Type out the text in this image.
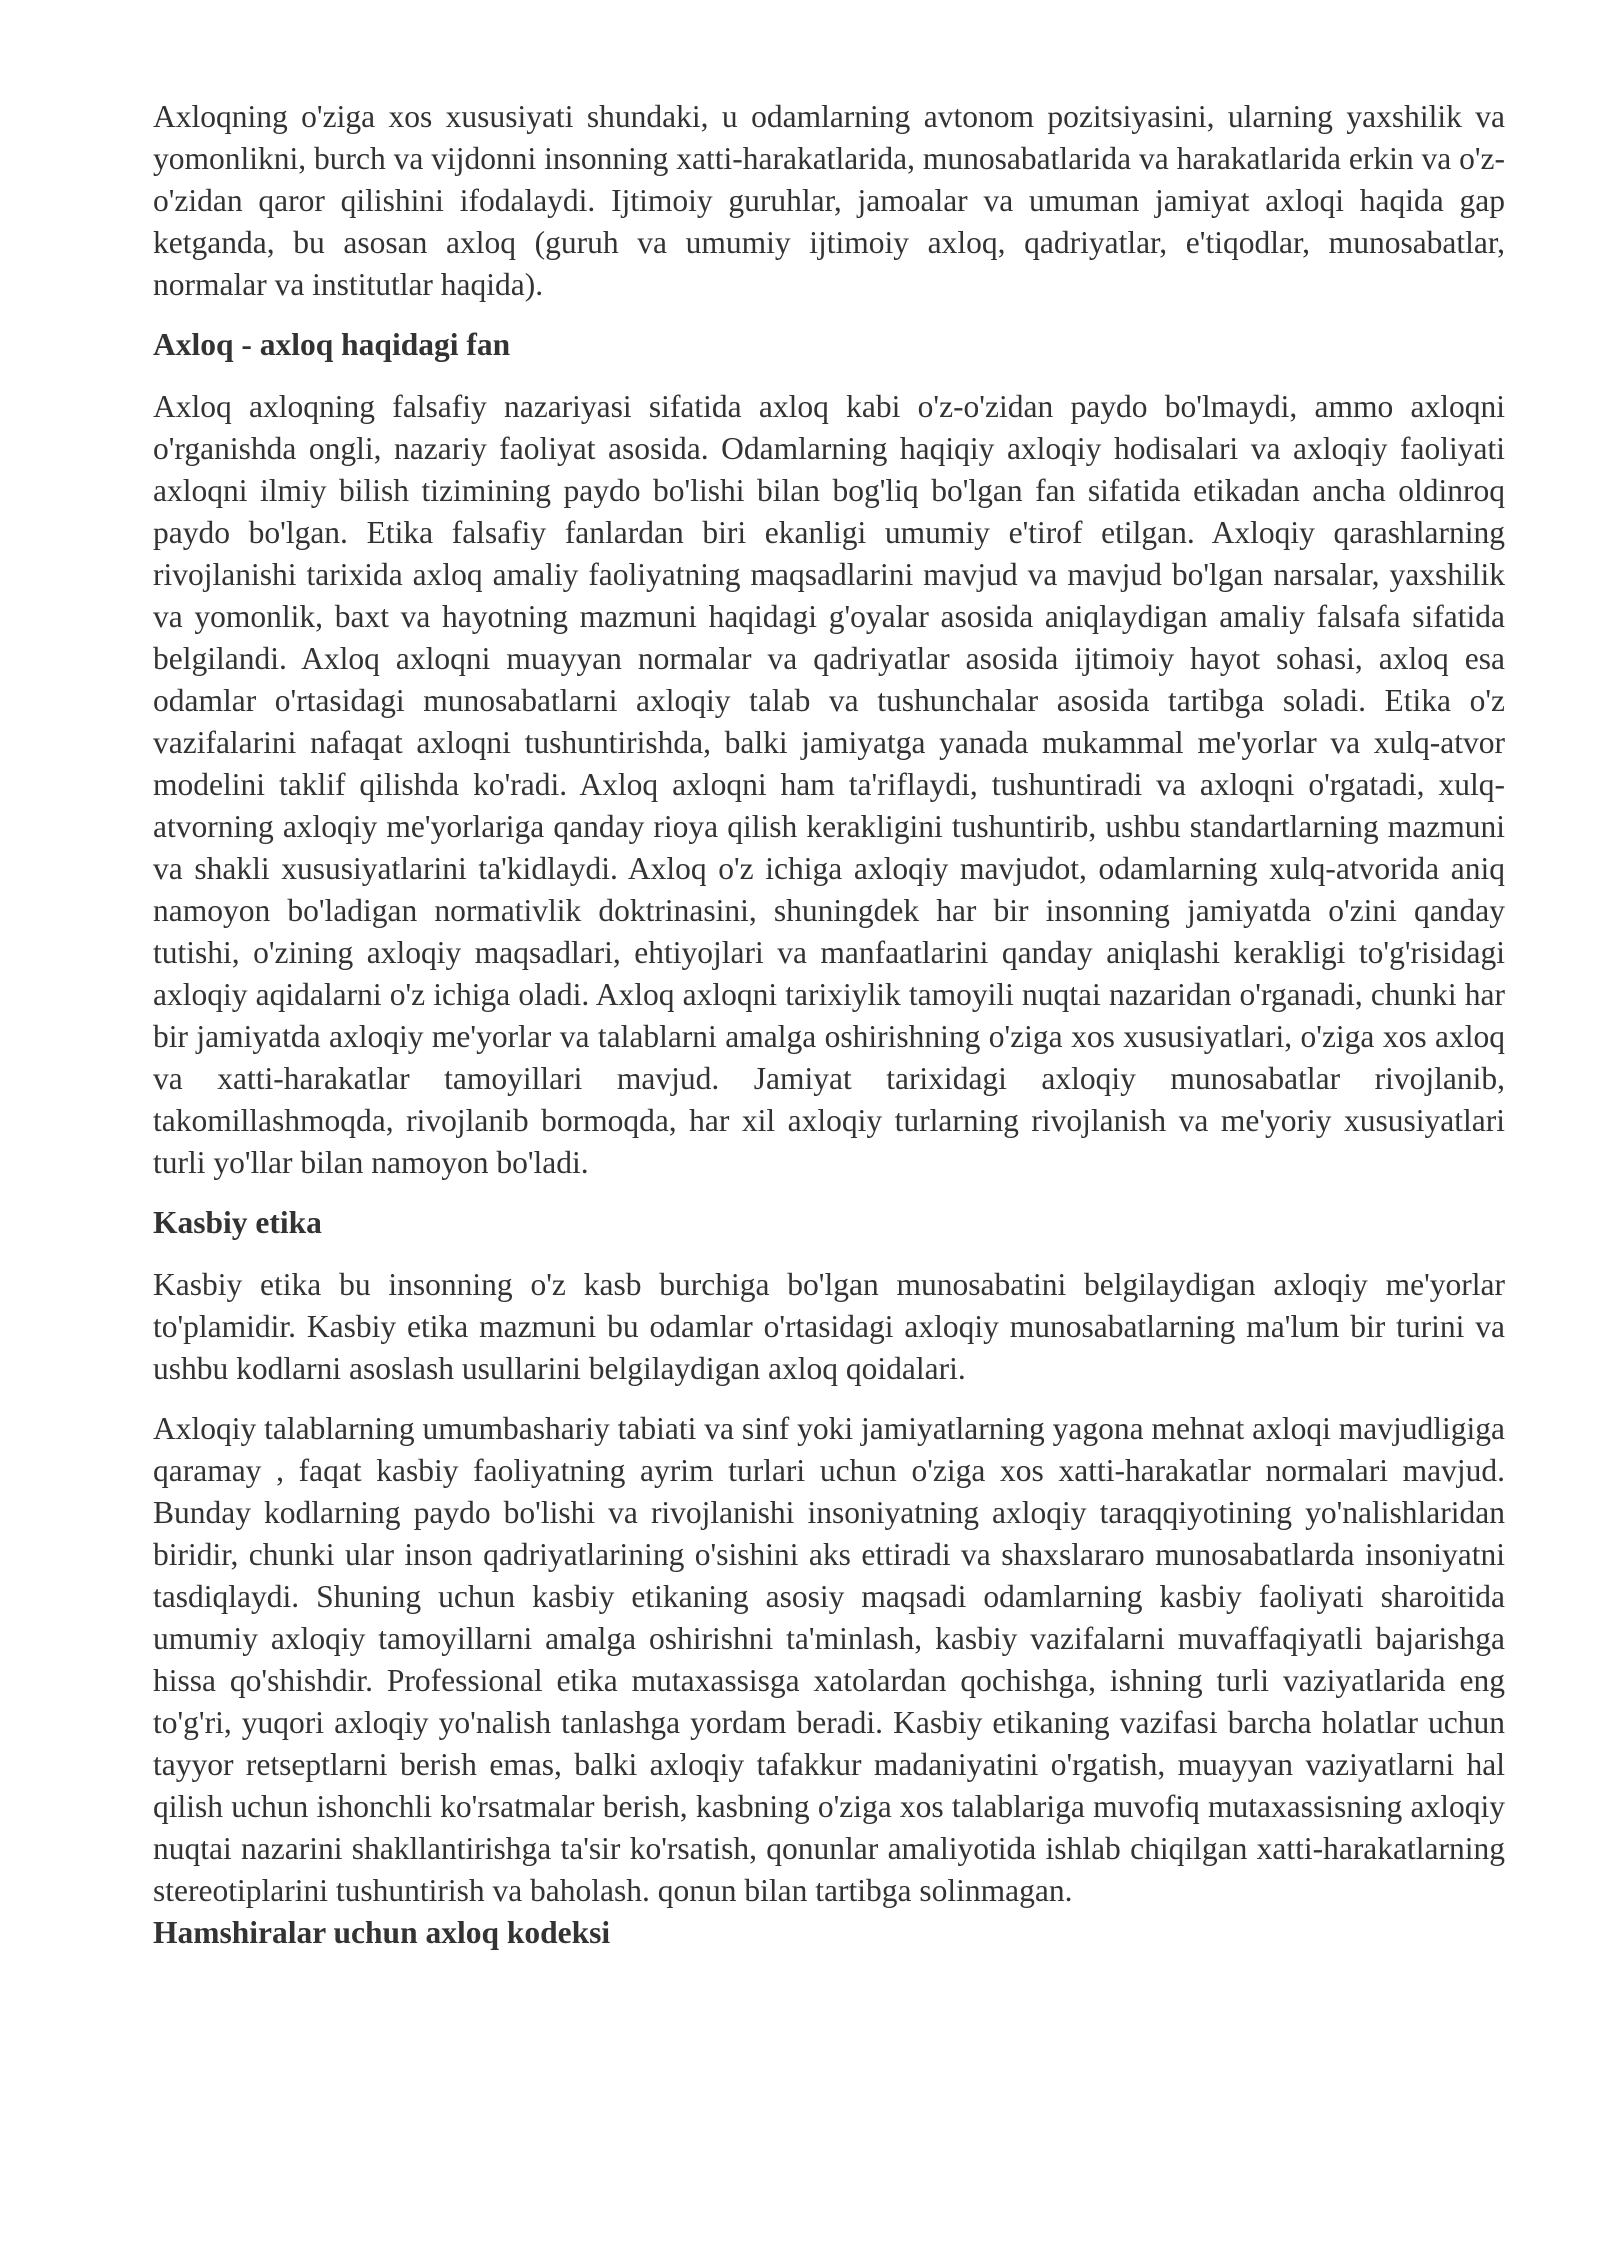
Axloqning o'ziga xos xususiyati shundaki, u odamlarning avtonom pozitsiyasini, ularning yaxshilik va yomonlikni, burch va vijdonni insonning xatti-harakatlarida, munosabatlarida va harakatlarida erkin va o'z-o'zidan qaror qilishini ifodalaydi. Ijtimoiy guruhlar, jamoalar va umuman jamiyat axloqi haqida gap ketganda, bu asosan axloq (guruh va umumiy ijtimoiy axloq, qadriyatlar, e'tiqodlar, munosabatlar, normalar va institutlar haqida).

Axloq - axloq haqidagi fan

Axloq axloqning falsafiy nazariyasi sifatida axloq kabi o'z-o'zidan paydo bo'lmaydi, ammo axloqni o'rganishda ongli, nazariy faoliyat asosida. Odamlarning haqiqiy axloqiy hodisalari va axloqiy faoliyati axloqni ilmiy bilish tizimining paydo bo'lishi bilan bog'liq bo'lgan fan sifatida etikadan ancha oldinroq paydo bo'lgan. Etika falsafiy fanlardan biri ekanligi umumiy e'tirof etilgan. Axloqiy qarashlarning rivojlanishi tarixida axloq amaliy faoliyatning maqsadlarini mavjud va mavjud bo'lgan narsalar, yaxshilik va yomonlik, baxt va hayotning mazmuni haqidagi g'oyalar asosida aniqlaydigan amaliy falsafa sifatida belgilandi. Axloq axloqni muayyan normalar va qadriyatlar asosida ijtimoiy hayot sohasi, axloq esa odamlar o'rtasidagi munosabatlarni axloqiy talab va tushunchalar asosida tartibga soladi. Etika o'z vazifalarini nafaqat axloqni tushuntirishda, balki jamiyatga yanada mukammal me'yorlar va xulq-atvor modelini taklif qilishda ko'radi. Axloq axloqni ham ta'riflaydi, tushuntiradi va axloqni o'rgatadi, xulq-atvorning axloqiy me'yorlariga qanday rioya qilish kerakligini tushuntirib, ushbu standartlarning mazmuni va shakli xususiyatlarini ta'kidlaydi. Axloq o'z ichiga axloqiy mavjudot, odamlarning xulq-atvorida aniq namoyon bo'ladigan normativlik doktrinasini, shuningdek har bir insonning jamiyatda o'zini qanday tutishi, o'zining axloqiy maqsadlari, ehtiyojlari va manfaatlarini qanday aniqlashi kerakligi to'g'risidagi axloqiy aqidalarni o'z ichiga oladi. Axloq axloqni tarixiylik tamoyili nuqtai nazaridan o'rganadi, chunki har bir jamiyatda axloqiy me'yorlar va talablarni amalga oshirishning o'ziga xos xususiyatlari, o'ziga xos axloq va xatti-harakatlar tamoyillari mavjud. Jamiyat tarixidagi axloqiy munosabatlar rivojlanib, takomillashmoqda, rivojlanib bormoqda, har xil axloqiy turlarning rivojlanish va me'yoriy xususiyatlari turli yo'llar bilan namoyon bo'ladi.

Kasbiy etika

Kasbiy etika bu insonning o'z kasb burchiga bo'lgan munosabatini belgilaydigan axloqiy me'yorlar to'plamidir. Kasbiy etika mazmuni bu odamlar o'rtasidagi axloqiy munosabatlarning ma'lum bir turini va ushbu kodlarni asoslash usullarini belgilaydigan axloq qoidalari.

Axloqiy talablarning umumbashariy tabiati va sinf yoki jamiyatlarning yagona mehnat axloqi mavjudligiga qaramay , faqat kasbiy faoliyatning ayrim turlari uchun o'ziga xos xatti-harakatlar normalari mavjud. Bunday kodlarning paydo bo'lishi va rivojlanishi insoniyatning axloqiy taraqqiyotining yo'nalishlaridan biridir, chunki ular inson qadriyatlarining o'sishini aks ettiradi va shaxslararo munosabatlarda insoniyatni tasdiqlaydi. Shuning uchun kasbiy etikaning asosiy maqsadi odamlarning kasbiy faoliyati sharoitida umumiy axloqiy tamoyillarni amalga oshirishni ta'minlash, kasbiy vazifalarni muvaffaqiyatli bajarishga hissa qo'shishdir. Professional etika mutaxassisga xatolardan qochishga, ishning turli vaziyatlarida eng to'g'ri, yuqori axloqiy yo'nalish tanlashga yordam beradi. Kasbiy etikaning vazifasi barcha holatlar uchun tayyor retseptlarni berish emas, balki axloqiy tafakkur madaniyatini o'rgatish, muayyan vaziyatlarni hal qilish uchun ishonchli ko'rsatmalar berish, kasbning o'ziga xos talablariga muvofiq mutaxassisning axloqiy nuqtai nazarini shakllantirishga ta'sir ko'rsatish, qonunlar amaliyotida ishlab chiqilgan xatti-harakatlarning stereotiplarini tushuntirish va baholash. qonun bilan tartibga solinmagan.

Hamshiralar uchun axloq kodeksi
